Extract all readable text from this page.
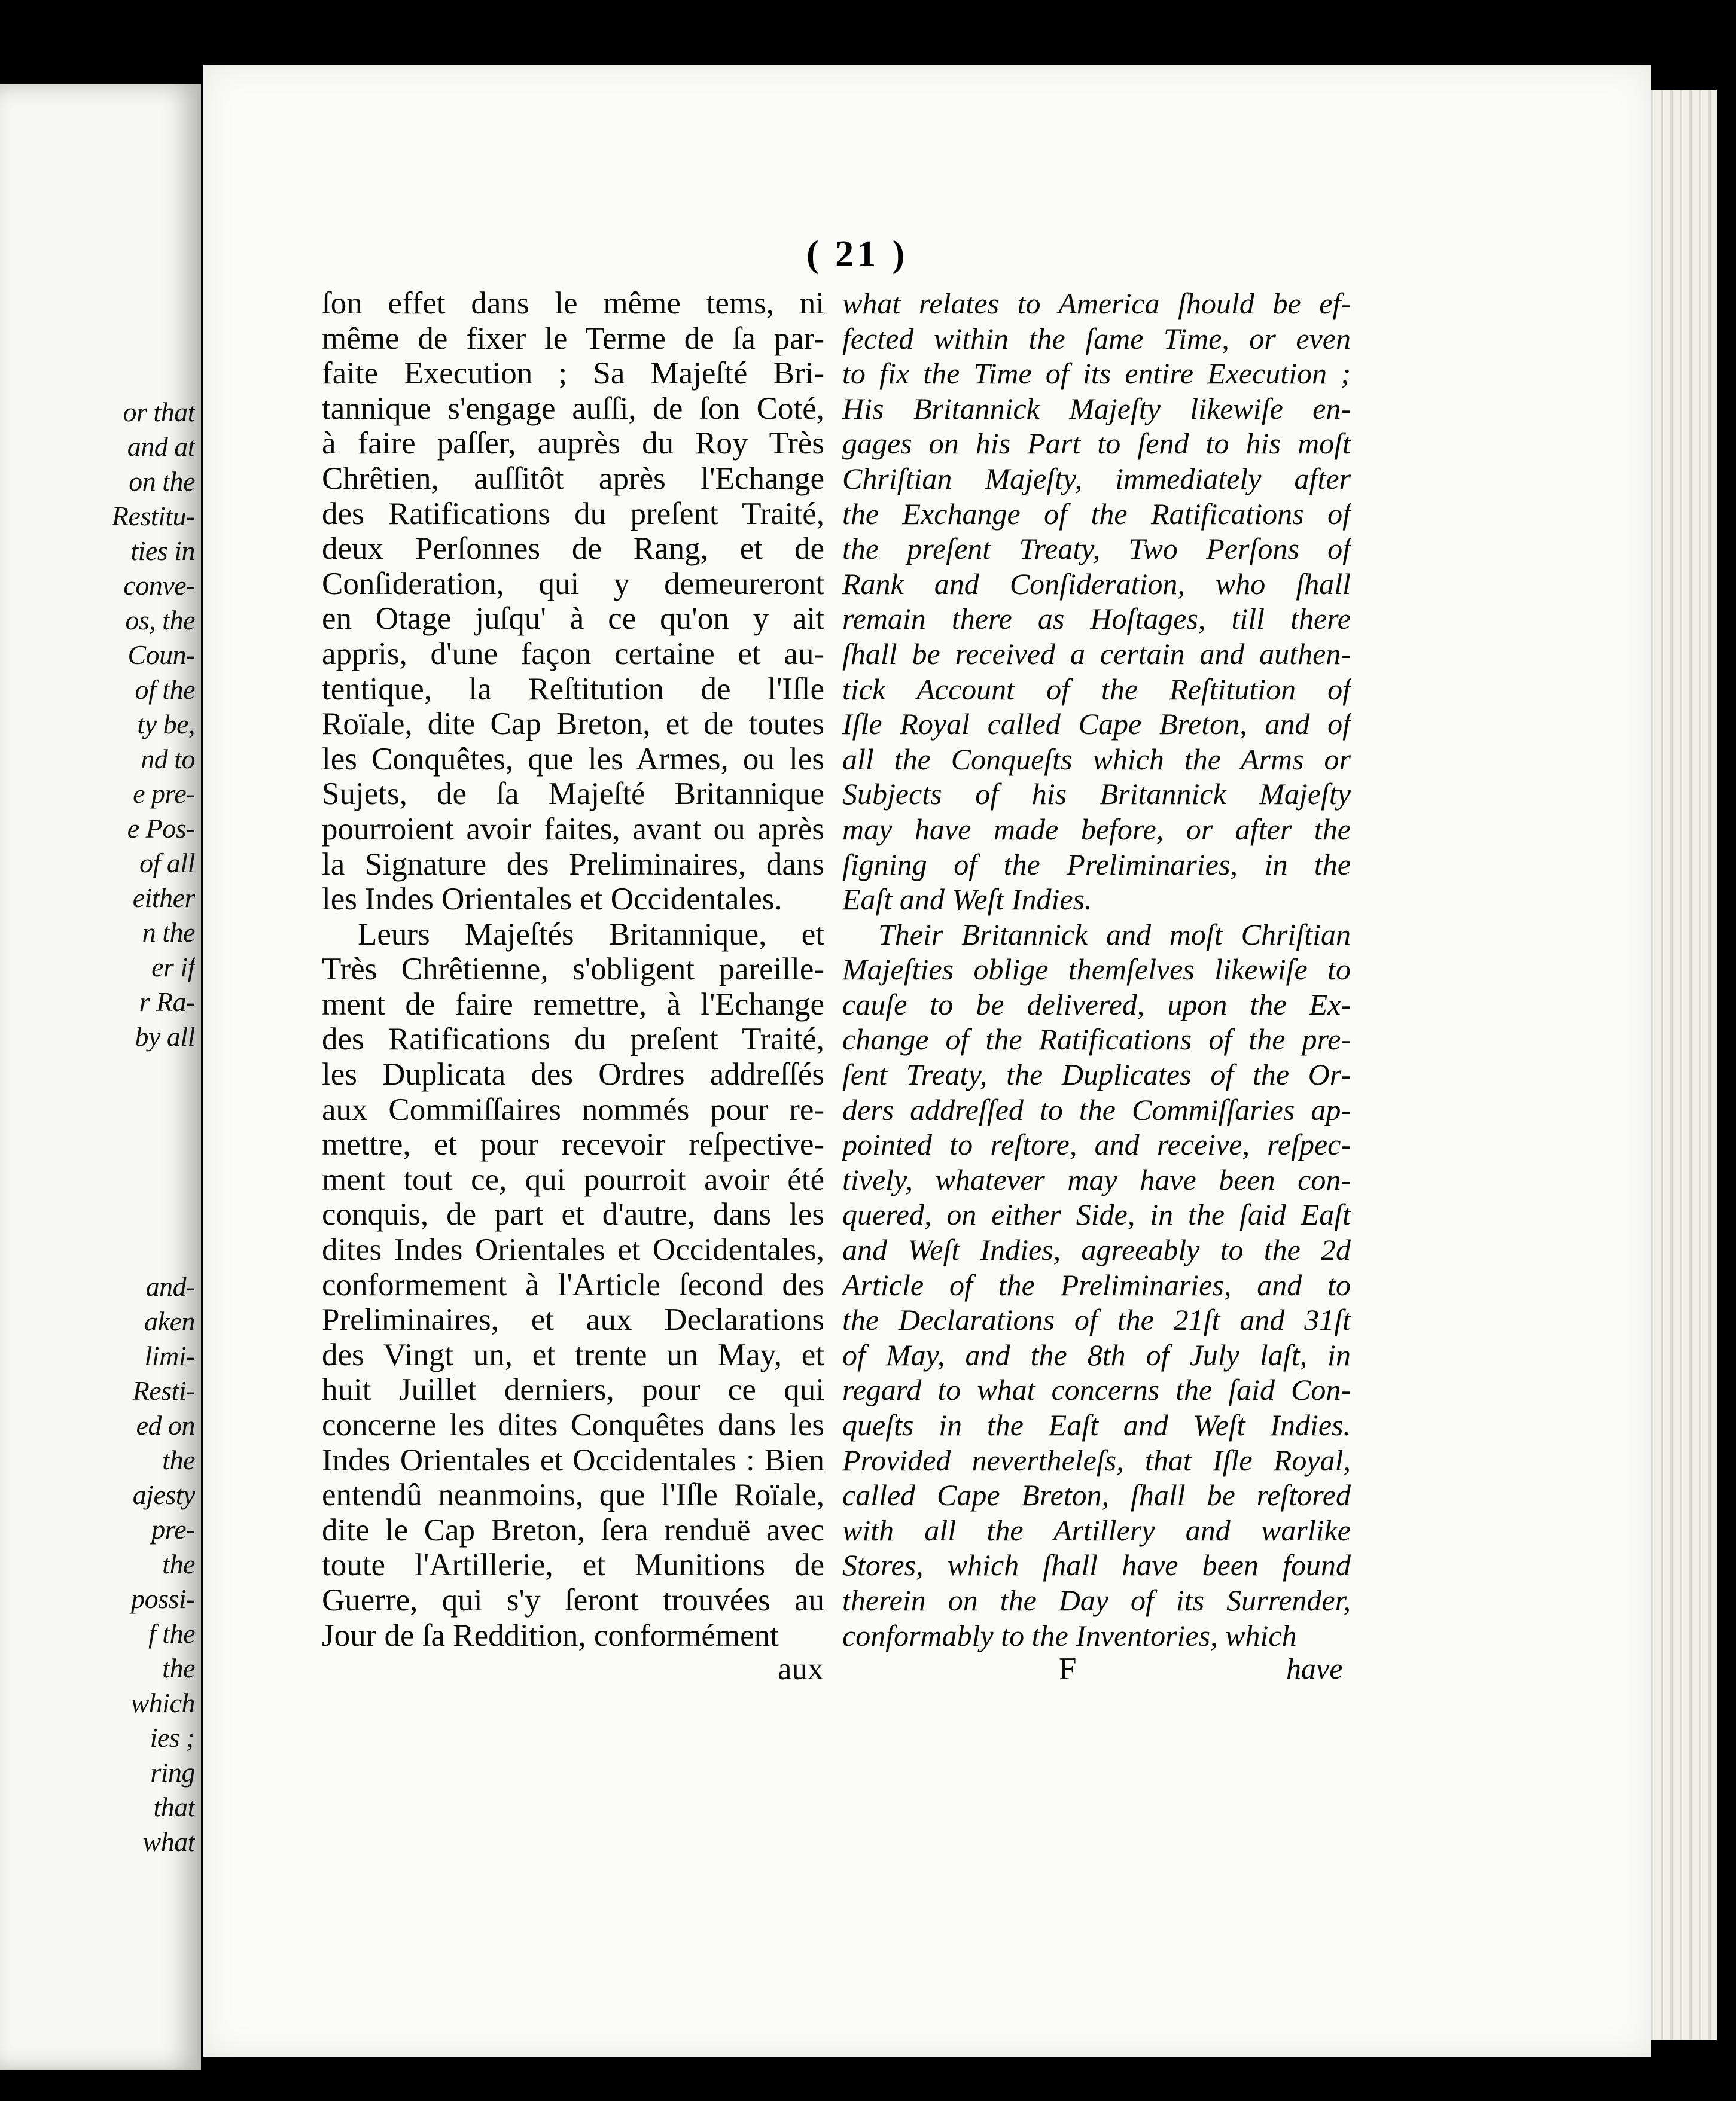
or that
and at
on the
Restitu-
ties in
conve-
os, the
Coun-
of the
ty be,
nd to
e pre-
e Pos-
of all
either
n the
er if
r Ra-
by all
and-
aken
limi-
Resti-
ed on
the
ajesty
pre-
the
possi-
f the
the
which
ies ;
ring
that
what
( 21 )
ſon effet dans le même tems, ni
même de fixer le Terme de ſa par-
faite Execution ; Sa Majeſté Bri-
tannique s'engage auſſi, de ſon Coté,
à faire paſſer, auprès du Roy Très
Chrêtien, auſſitôt après l'Echange
des Ratifications du preſent Traité,
deux Perſonnes de Rang, et de
Conſideration, qui y demeureront
en Otage juſqu' à ce qu'on y ait
appris, d'une façon certaine et au-
tentique, la Reſtitution de l'Iſle
Roïale, dite Cap Breton, et de toutes
les Conquêtes, que les Armes, ou les
Sujets, de ſa Majeſté Britannique
pourroient avoir faites, avant ou après
la Signature des Preliminaires, dans
les Indes Orientales et Occidentales.
Leurs Majeſtés Britannique, et
Très Chrêtienne, s'obligent pareille-
ment de faire remettre, à l'Echange
des Ratifications du preſent Traité,
les Duplicata des Ordres addreſſés
aux Commiſſaires nommés pour re-
mettre, et pour recevoir reſpective-
ment tout ce, qui pourroit avoir été
conquis, de part et d'autre, dans les
dites Indes Orientales et Occidentales,
conformement à l'Article ſecond des
Preliminaires, et aux Declarations
des Vingt un, et trente un May, et
huit Juillet derniers, pour ce qui
concerne les dites Conquêtes dans les
Indes Orientales et Occidentales : Bien
entendû neanmoins, que l'Iſle Roïale,
dite le Cap Breton, ſera renduë avec
toute l'Artillerie, et Munitions de
Guerre, qui s'y ſeront trouvées au
Jour de ſa Reddition, conformément
what relates to America ſhould be ef-
fected within the ſame Time, or even
to fix the Time of its entire Execution ;
His Britannick Majeſty likewiſe en-
gages on his Part to ſend to his moſt
Chriſtian Majeſty, immediately after
the Exchange of the Ratifications of
the preſent Treaty, Two Perſons of
Rank and Conſideration, who ſhall
remain there as Hoſtages, till there
ſhall be received a certain and authen-
tick Account of the Reſtitution of
Iſle Royal called Cape Breton, and of
all the Conqueſts which the Arms or
Subjects of his Britannick Majeſty
may have made before, or after the
ſigning of the Preliminaries, in the
Eaſt and Weſt Indies.
Their Britannick and moſt Chriſtian
Majeſties oblige themſelves likewiſe to
cauſe to be delivered, upon the Ex-
change of the Ratifications of the pre-
ſent Treaty, the Duplicates of the Or-
ders addreſſed to the Commiſſaries ap-
pointed to reſtore, and receive, reſpec-
tively, whatever may have been con-
quered, on either Side, in the ſaid Eaſt
and Weſt Indies, agreeably to the 2d
Article of the Preliminaries, and to
the Declarations of the 21ſt and 31ſt
of May, and the 8th of July laſt, in
regard to what concerns the ſaid Con-
queſts in the Eaſt and Weſt Indies.
Provided nevertheleſs, that Iſle Royal,
called Cape Breton, ſhall be reſtored
with all the Artillery and warlike
Stores, which ſhall have been found
therein on the Day of its Surrender,
conformably to the Inventories, which
aux	F	have
